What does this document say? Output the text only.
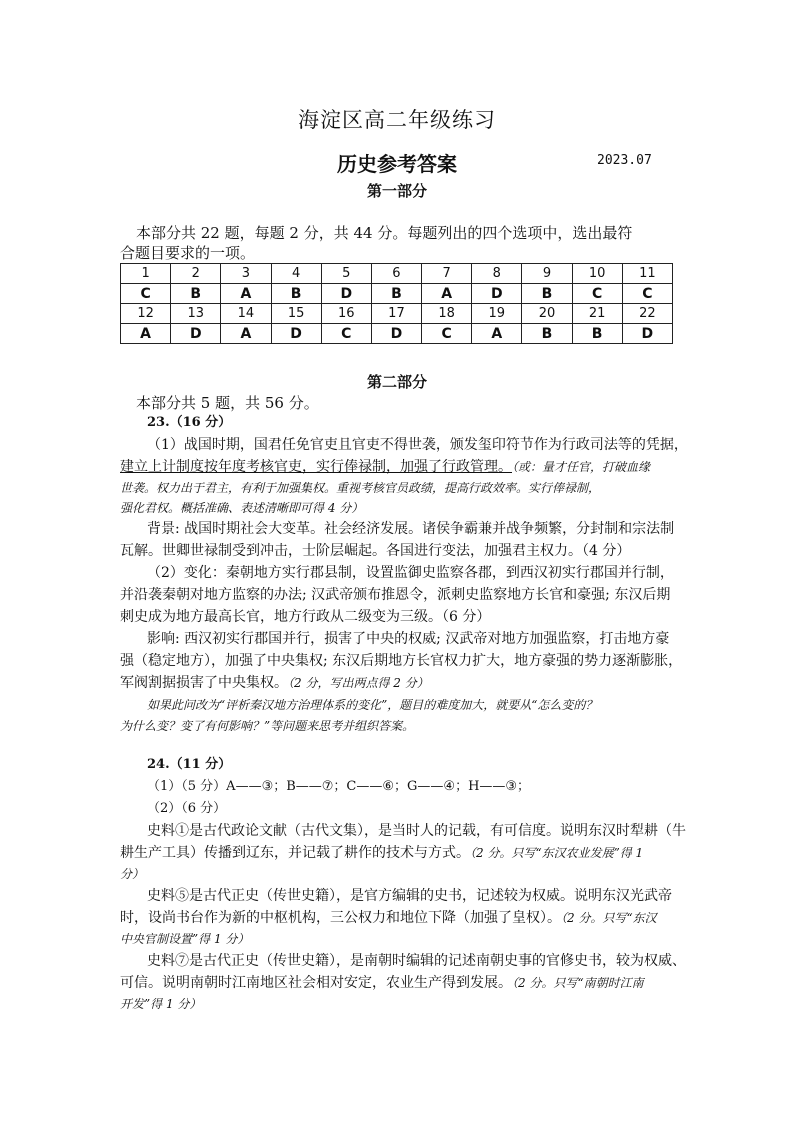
海淀区高二年级练习
历史参考答案	2023.07
第一部分
本部分共 22 题，每题 2 分，共 44 分。每题列出的四个选项中，选出最符
合题目要求的一项。
1	2	3	4	5	6	7	8	9	10	11
C	B	A	B	D	B	A	D	B	C	C
12	13	14	15	16	17	18	19	20	21	22
A	D	A	D	C	D	C	A	B	B	D
第二部分
本部分共 5 题，共 56 分。
23.（16 分）
（1）战国时期，国君任免官吏且官吏不得世袭，颁发玺印符节作为行政司法等的凭据，
建立上计制度按年度考核官吏，实行俸禄制，加强了行政管理。（或：量才任官，打破血缘
世袭。权力出于君主，有利于加强集权。重视考核官员政绩，提高行政效率。实行俸禄制，
强化君权。概括准确、表述清晰即可得 4 分）
背景: 战国时期社会大变革。社会经济发展。诸侯争霸兼并战争频繁，分封制和宗法制
瓦解。世卿世禄制受到冲击，士阶层崛起。各国进行变法，加强君主权力。（4 分）
（2）变化：秦朝地方实行郡县制，设置监御史监察各郡，到西汉初实行郡国并行制，
并沿袭秦朝对地方监察的办法; 汉武帝颁布推恩令，派刺史监察地方长官和豪强; 东汉后期
刺史成为地方最高长官，地方行政从二级变为三级。（6 分）
影响: 西汉初实行郡国并行，损害了中央的权威; 汉武帝对地方加强监察，打击地方豪
强（稳定地方），加强了中央集权; 东汉后期地方长官权力扩大，地方豪强的势力逐渐膨胀，
军阀割据损害了中央集权。（2 分，写出两点得 2 分）
如果此问改为“评析秦汉地方治理体系的变化”，题目的难度加大，就要从“怎么变的？
为什么变？变了有何影响？”等问题来思考并组织答案。
24.（11 分）
（1）（5 分）A——③；B——⑦；C——⑥；G——④；H——③；
（2）（6 分）
史料①是古代政论文献（古代文集），是当时人的记载，有可信度。说明东汉时犁耕（牛
耕生产工具）传播到辽东，并记载了耕作的技术与方式。（2 分。只写“东汉农业发展”得 1
分）
史料⑤是古代正史（传世史籍），是官方编辑的史书，记述较为权威。说明东汉光武帝
时，设尚书台作为新的中枢机构，三公权力和地位下降（加强了皇权）。（2 分。只写“东汉
中央官制设置”得 1 分）
史料⑦是古代正史（传世史籍），是南朝时编辑的记述南朝史事的官修史书，较为权威、
可信。说明南朝时江南地区社会相对安定，农业生产得到发展。（2 分。只写“南朝时江南
开发”得 1 分）
